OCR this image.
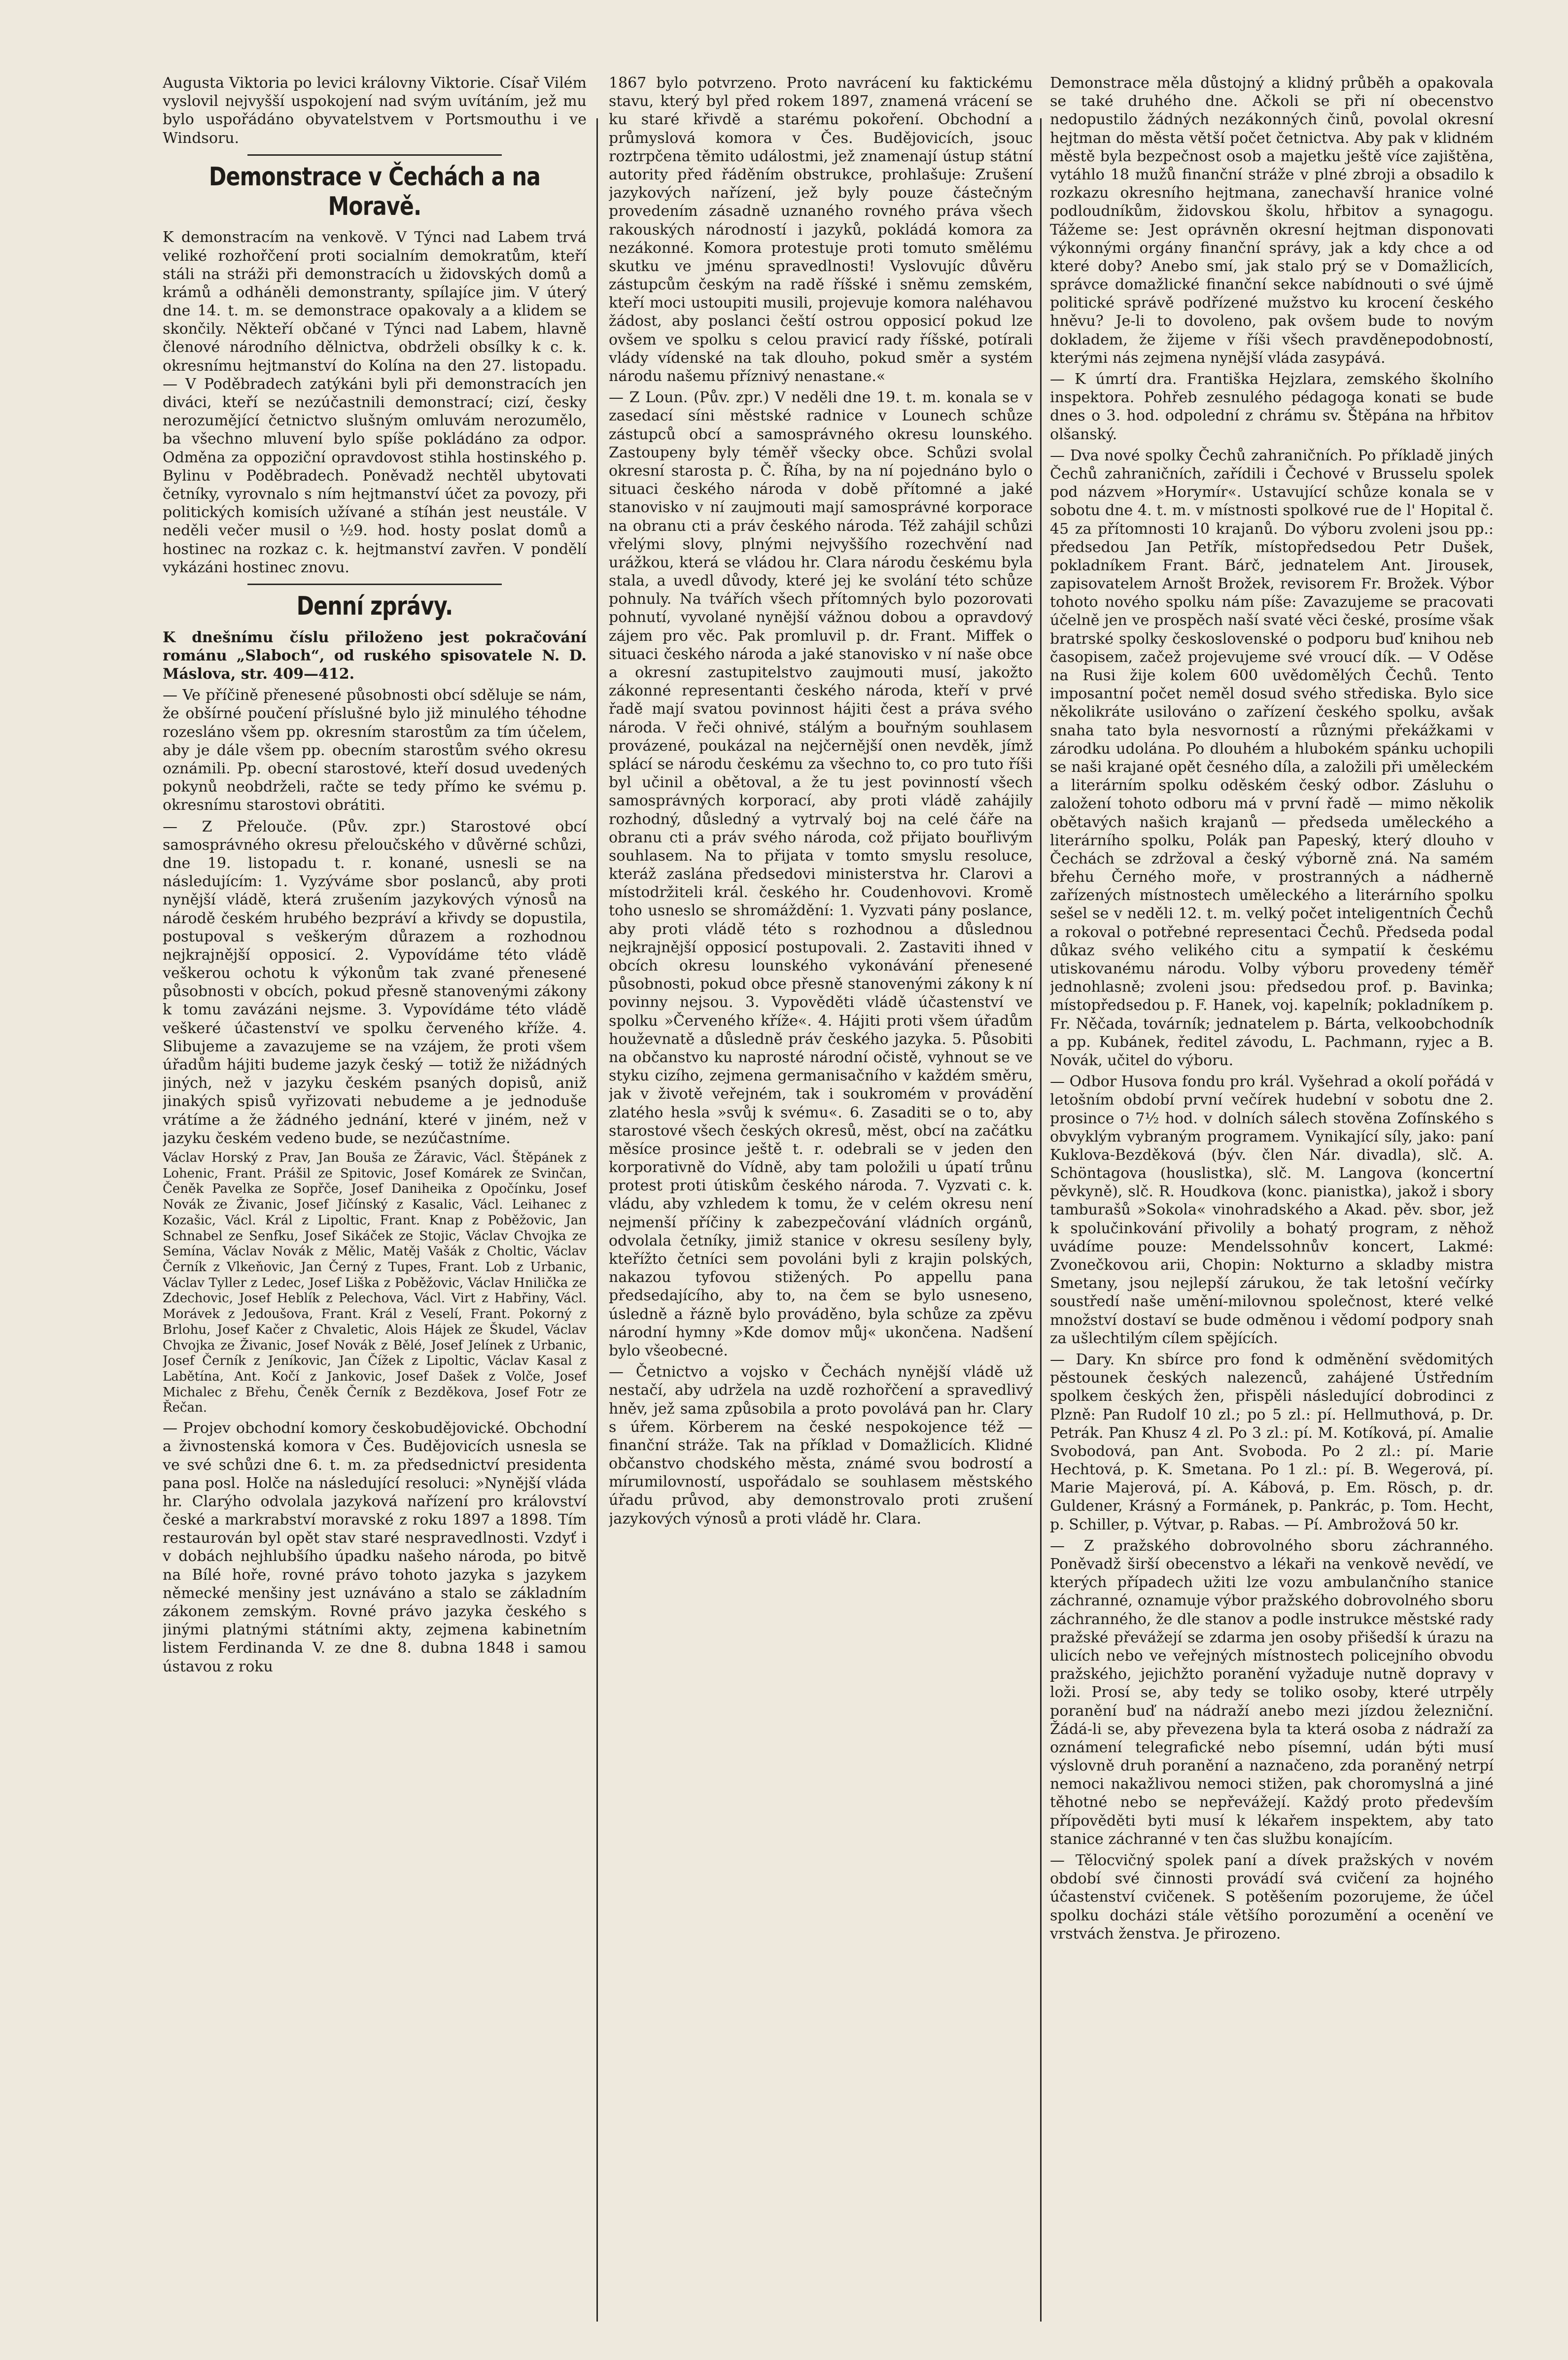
Augusta Viktoria po levici královny Viktorie. Císař Vilém vyslovil nejvyšší uspokojení nad svým uvítáním, jež mu bylo uspořádáno obyvatelstvem v Portsmouthu i ve Windsoru.

Demonstrace v Čechách a na Moravě.

K demonstracím na venkově. V Týnci nad Labem trvá veliké rozhořčení proti socialním demokratům, kteří stáli na stráži při demonstracích u židovských domů a krámů a odháněli demonstranty, spílajíce jim. V úterý dne 14. t. m. se demonstrace opakovaly a a klidem se skončily. Někteří občané v Týnci nad Labem, hlavně členové národního dělnictva, obdrželi obsílky k c. k. okresnímu hejtmanství do Kolína na den 27. listopadu. — V Poděbradech zatýkáni byli při demonstracích jen diváci, kteří se nezúčastnili demonstrací; cizí, česky nerozumějící četnictvo slušným omluvám nerozumělo, ba všechno mluvení bylo spíše pokládáno za odpor. Odměna za oppoziční opravdovost stihla hostinského p. Bylinu v Poděbradech. Poněvadž nechtěl ubytovati četníky, vyrovnalo s ním hejtmanství účet za povozy, při politických komisích užívané a stíhán jest neustále. V neděli večer musil o ½9. hod. hosty poslat domů a hostinec na rozkaz c. k. hejtmanství zavřen. V pondělí vykázáni hostinec znovu.

Denní zprávy.

K dnešnímu číslu přiloženo jest pokračování románu „Slaboch“, od ruského spisovatele N. D. Máslova, str. 409—412.

— Ve příčině přenesené působnosti obcí sděluje se nám, že obšírné poučení příslušné bylo již minulého téhodne rozesláno všem pp. okresním starostům za tím účelem, aby je dále všem pp. obecním starostům svého okresu oznámili. Pp. obecní starostové, kteří dosud uvedených pokynů neobdrželi, račte se tedy přímo ke svému p. okresnímu starostovi obrátiti.

— Z Přelouče. (Pův. zpr.) Starostové obcí samosprávného okresu přeloučského v důvěrné schůzi, dne 19. listopadu t. r. konané, usnesli se na následujícím: 1. Vyzýváme sbor poslanců, aby proti nynější vládě, která zrušením jazykových výnosů na národě českém hrubého bezpráví a křivdy se dopustila, postupoval s veškerým důrazem a rozhodnou nejkrajnější opposicí. 2. Vypovídáme této vládě veškerou ochotu k výkonům tak zvané přenesené působnosti v obcích, pokud přesně stanovenými zákony k tomu zavázáni nejsme. 3. Vypovídáme této vládě veškeré účastenství ve spolku červeného kříže. 4. Slibujeme a zavazujeme se na vzájem, že proti všem úřadům hájiti budeme jazyk český — totiž že nižádných jiných, než v jazyku českém psaných dopisů, aniž jinakých spisů vyřizovati nebudeme a je jednoduše vrátíme a že žádného jednání, které v jiném, než v jazyku českém vedeno bude, se nezúčastníme.

Václav Horský z Prav, Jan Bouša ze Žáravic, Václ. Štěpánek z Lohenic, Frant. Prášil ze Spitovic, Josef Komárek ze Svinčan, Čeněk Pavelka ze Sopřče, Josef Daniheika z Opočínku, Josef Novák ze Živanic, Josef Jičínský z Kasalic, Václ. Leihanec z Kozašic, Václ. Král z Lipoltic, Frant. Knap z Poběžovic, Jan Schnabel ze Senfku, Josef Sikáček ze Stojic, Václav Chvojka ze Semína, Václav Novák z Mělic, Matěj Vašák z Choltic, Václav Černík z Vlkeňovic, Jan Černý z Tupes, Frant. Lob z Urbanic, Václav Tyller z Ledec, Josef Liška z Poběžovic, Václav Hnilička ze Zdechovic, Josef Heblík z Pelechova, Václ. Virt z Habřiny, Václ. Morávek z Jedoušova, Frant. Král z Veselí, Frant. Pokorný z Brlohu, Josef Kačer z Chvaletic, Alois Hájek ze Škudel, Václav Chvojka ze Živanic, Josef Novák z Bělé, Josef Jelínek z Urbanic, Josef Černík z Jeníkovic, Jan Čížek z Lipoltic, Václav Kasal z Labětína, Ant. Kočí z Jankovic, Josef Dašek z Volče, Josef Michalec z Břehu, Čeněk Černík z Bezděkova, Josef Fotr ze Řečan.

— Projev obchodní komory českobudějovické. Obchodní a živnostenská komora v Čes. Budějovicích usnesla se ve své schůzi dne 6. t. m. za předsednictví presidenta pana posl. Holče na následující resoluci: »Nynější vláda hr. Clarýho odvolala jazyková nařízení pro království české a markrabství moravské z roku 1897 a 1898. Tím restaurován byl opět stav staré nespravedlnosti. Vzdyť i v dobách nejhlubšího úpadku našeho národa, po bitvě na Bílé hoře, rovné právo tohoto jazyka s jazykem německé menšiny jest uznáváno a stalo se základním zákonem zemským. Rovné právo jazyka českého s jinými platnými státními akty, zejmena kabinetním listem Ferdinanda V. ze dne 8. dubna 1848 i samou ústavou z roku

1867 bylo potvrzeno. Proto navrácení ku faktickému stavu, který byl před rokem 1897, znamená vrácení se ku staré křivdě a starému pokoření. Obchodní a průmyslová komora v Čes. Budějovicích, jsouc roztrpčena těmito událostmi, jež znamenají ústup státní autority před řáděním obstrukce, prohlašuje: Zrušení jazykových nařízení, jež byly pouze částečným provedením zásadně uznaného rovného práva všech rakouských národností i jazyků, pokládá komora za nezákonné. Komora protestuje proti tomuto smělému skutku ve jménu spravedlnosti! Vyslovujíc důvěru zástupcům českým na radě říšské i sněmu zemském, kteří moci ustoupiti musili, projevuje komora naléhavou žádost, aby poslanci čeští ostrou opposicí pokud lze ovšem ve spolku s celou pravicí rady říšské, potírali vlády vídenské na tak dlouho, pokud směr a systém národu našemu příznivý nenastane.«

— Z Loun. (Pův. zpr.) V neděli dne 19. t. m. konala se v zasedací síni městské radnice v Lounech schůze zástupců obcí a samosprávného okresu lounského. Zastoupeny byly téměř všecky obce. Schůzi svolal okresní starosta p. Č. Říha, by na ní pojednáno bylo o situaci českého národa v době přítomné a jaké stanovisko v ní zaujmouti mají samosprávné korporace na obranu cti a práv českého národa. Též zahájil schůzi vřelými slovy, plnými nejvyššího rozechvění nad urážkou, která se vládou hr. Clara národu českému byla stala, a uvedl důvody, které jej ke svolání této schůze pohnuly. Na tvářích všech přítomných bylo pozorovati pohnutí, vyvolané nynější vážnou dobou a opravdový zájem pro věc. Pak promluvil p. dr. Frant. Miffek o situaci českého národa a jaké stanovisko v ní naše obce a okresní zastupitelstvo zaujmouti musí, jakožto zákonné representanti českého národa, kteří v prvé řadě mají svatou povinnost hájiti čest a práva svého národa. V řeči ohnivé, stálým a bouřným souhlasem provázené, poukázal na nejčernější onen nevděk, jímž splácí se národu českému za všechno to, co pro tuto říši byl učinil a obětoval, a že tu jest povinností všech samosprávných korporací, aby proti vládě zahájily rozhodný, důsledný a vytrvalý boj na celé čáře na obranu cti a práv svého národa, což přijato bouřlivým souhlasem. Na to přijata v tomto smyslu resoluce, kteráž zaslána předsedovi ministerstva hr. Clarovi a místodržiteli král. českého hr. Coudenhovovi. Kromě toho usneslo se shromáždění: 1. Vyzvati pány poslance, aby proti vládě této s rozhodnou a důslednou nejkrajnější opposicí postupovali. 2. Zastaviti ihned v obcích okresu lounského vykonávání přenesené působnosti, pokud obce přesně stanovenými zákony k ní povinny nejsou. 3. Vypověděti vládě účastenství ve spolku »Červeného kříže«. 4. Hájiti proti všem úřadům houževnatě a důsledně práv českého jazyka. 5. Působiti na občanstvo ku naprosté národní očistě, vyhnout se ve styku cizího, zejmena germanisačního v každém směru, jak v životě veřejném, tak i soukromém v provádění zlatého hesla »svůj k svému«. 6. Zasaditi se o to, aby starostové všech českých okresů, měst, obcí na začátku měsíce prosince ještě t. r. odebrali se v jeden den korporativně do Vídně, aby tam položili u úpatí trůnu protest proti útiskům českého národa. 7. Vyzvati c. k. vládu, aby vzhledem k tomu, že v celém okresu není nejmenší příčiny k zabezpečování vládních orgánů, odvolala četníky, jimiž stanice v okresu sesíleny byly, kteřížto četníci sem povoláni byli z krajin polských, nakazou tyfovou stižených. Po appellu pana předsedajícího, aby to, na čem se bylo usneseno, úsledně a řázně bylo prováděno, byla schůze za zpěvu národní hymny »Kde domov můj« ukončena. Nadšení bylo všeobecné.

— Četnictvo a vojsko v Čechách nynější vládě už nestačí, aby udržela na uzdě rozhořčení a spravedlivý hněv, jež sama způsobila a proto povolává pan hr. Clary s úřem. Körberem na české nespokojence též — finanční stráže. Tak na příklad v Domažlicích. Klidné občanstvo chodského města, známé svou bodrostí a mírumilovností, uspořádalo se souhlasem městského úřadu průvod, aby demonstrovalo proti zrušení jazykových výnosů a proti vládě hr. Clara.

Demonstrace měla důstojný a klidný průběh a opakovala se také druhého dne. Ačkoli se při ní obecenstvo nedopustilo žádných nezákonných činů, povolal okresní hejtman do města větší počet četnictva. Aby pak v klidném městě byla bezpečnost osob a majetku ještě více zajištěna, vytáhlo 18 mužů finanční stráže v plné zbroji a obsadilo k rozkazu okresního hejtmana, zanechavší hranice volné podloudníkům, židovskou školu, hřbitov a synagogu. Tážeme se: Jest oprávněn okresní hejtman disponovati výkonnými orgány finanční správy, jak a kdy chce a od které doby? Anebo smí, jak stalo prý se v Domažlicích, správce domažlické finanční sekce nabídnouti o své újmě politické správě podřízené mužstvo ku krocení českého hněvu? Je-li to dovoleno, pak ovšem bude to novým dokladem, že žijeme v říši všech pravděnepodobností, kterými nás zejmena nynější vláda zasypává.

— K úmrtí dra. Františka Hejzlara, zemského školního inspektora. Pohřeb zesnulého pédagoga konati se bude dnes o 3. hod. odpolední z chrámu sv. Štěpána na hřbitov olšanský.

— Dva nové spolky Čechů zahraničních. Po příkladě jiných Čechů zahraničních, zařídili i Čechové v Brusselu spolek pod názvem »Horymír«. Ustavující schůze konala se v sobotu dne 4. t. m. v místnosti spolkové rue de l' Hopital č. 45 za přítomnosti 10 krajanů. Do výboru zvoleni jsou pp.: předsedou Jan Petřík, místopředsedou Petr Dušek, pokladníkem Frant. Bárč, jednatelem Ant. Jirousek, zapisovatelem Arnošt Brožek, revisorem Fr. Brožek. Výbor tohoto nového spolku nám píše: Zavazujeme se pracovati účelně jen ve prospěch naší svaté věci české, prosíme však bratrské spolky československé o podporu buď knihou neb časopisem, začež projevujeme své vroucí dík. — V Oděse na Rusi žije kolem 600 uvědomělých Čechů. Tento imposantní počet neměl dosud svého střediska. Bylo sice několikráte usilováno o zařízení českého spolku, avšak snaha tato byla nesvorností a různými překážkami v zárodku udolána. Po dlouhém a hlubokém spánku uchopili se naši krajané opět česného díla, a založili při uměleckém a literárním spolku oděském český odbor. Zásluhu o založení tohoto odboru má v první řadě — mimo několik obětavých našich krajanů — předseda uměleckého a literárního spolku, Polák pan Papeský, který dlouho v Čechách se zdržoval a český výborně zná. Na samém břehu Černého moře, v prostranných a nádherně zařízených místnostech uměleckého a literárního spolku sešel se v neděli 12. t. m. velký počet inteligentních Čechů a rokoval o potřebné representaci Čechů. Předseda podal důkaz svého velikého citu a sympatií k českému utiskovanému národu. Volby výboru provedeny téměř jednohlasně; zvoleni jsou: předsedou prof. p. Bavinka; místopředsedou p. F. Hanek, voj. kapelník; pokladníkem p. Fr. Něčada, továrník; jednatelem p. Bárta, velkoobchodník a pp. Kubánek, ředitel závodu, L. Pachmann, ryjec a B. Novák, učitel do výboru.

— Odbor Husova fondu pro král. Vyšehrad a okolí pořádá v letošním období první večírek hudební v sobotu dne 2. prosince o 7½ hod. v dolních sálech stověna Zofínského s obvyklým vybraným programem. Vynikající síly, jako: paní Kuklova-Bezděková (býv. člen Nár. divadla), slč. A. Schöntagova (houslistka), slč. M. Langova (koncertní pěvkyně), slč. R. Houdkova (konc. pianistka), jakož i sbory tamburašů »Sokola« vinohradského a Akad. pěv. sbor, jež k spolučinkování přivolily a bohatý program, z něhož uvádíme pouze: Mendelssohnův koncert, Lakmé: Zvonečkovou arii, Chopin: Nokturno a skladby mistra Smetany, jsou nejlepší zárukou, že tak letošní večírky soustředí naše umění-milovnou společnost, které velké množství dostaví se bude odměnou i vědomí podpory snah za ušlechtilým cílem spějících.

— Dary. Kn sbírce pro fond k odměnění svědomitých pěstounek českých nalezenců, zahájené Ústředním spolkem českých žen, přispěli následující dobrodinci z Plzně: Pan Rudolf 10 zl.; po 5 zl.: pí. Hellmuthová, p. Dr. Petrák. Pan Khusz 4 zl. Po 3 zl.: pí. M. Kotíková, pí. Amalie Svobodová, pan Ant. Svoboda. Po 2 zl.: pí. Marie Hechtová, p. K. Smetana. Po 1 zl.: pí. B. Wegerová, pí. Marie Majerová, pí. A. Kábová, p. Em. Rösch, p. dr. Guldener, Krásný a Formánek, p. Pankrác, p. Tom. Hecht, p. Schiller, p. Výtvar, p. Rabas. — Pí. Ambrožová 50 kr.

— Z pražského dobrovolného sboru záchranného. Poněvadž širší obecenstvo a lékaři na venkově nevědí, ve kterých případech užiti lze vozu ambulančního stanice záchranné, oznamuje výbor pražského dobrovolného sboru záchranného, že dle stanov a podle instrukce městské rady pražské převážejí se zdarma jen osoby přišedší k úrazu na ulicích nebo ve veřejných místnostech policejního obvodu pražského, jejichžto poranění vyžaduje nutně dopravy v loži. Prosí se, aby tedy se toliko osoby, které utrpěly poranění buď na nádraží anebo mezi jízdou železniční. Žádá-li se, aby převezena byla ta která osoba z nádraží za oznámení telegrafické nebo písemní, udán býti musí výslovně druh poranění a naznačeno, zda poraněný netrpí nemoci nakažlivou nemoci stižen, pak choromyslná a jiné těhotné nebo se nepřevážejí. Každý proto především přípověděti byti musí k lékařem inspektem, aby tato stanice záchranné v ten čas službu konajícím.

— Tělocvičný spolek paní a dívek pražských v novém období své činnosti provádí svá cvičení za hojného účastenství cvičenek. S potěšením pozorujeme, že účel spolku docházi stále většího porozumění a ocenění ve vrstvách ženstva. Je přirozeno.
